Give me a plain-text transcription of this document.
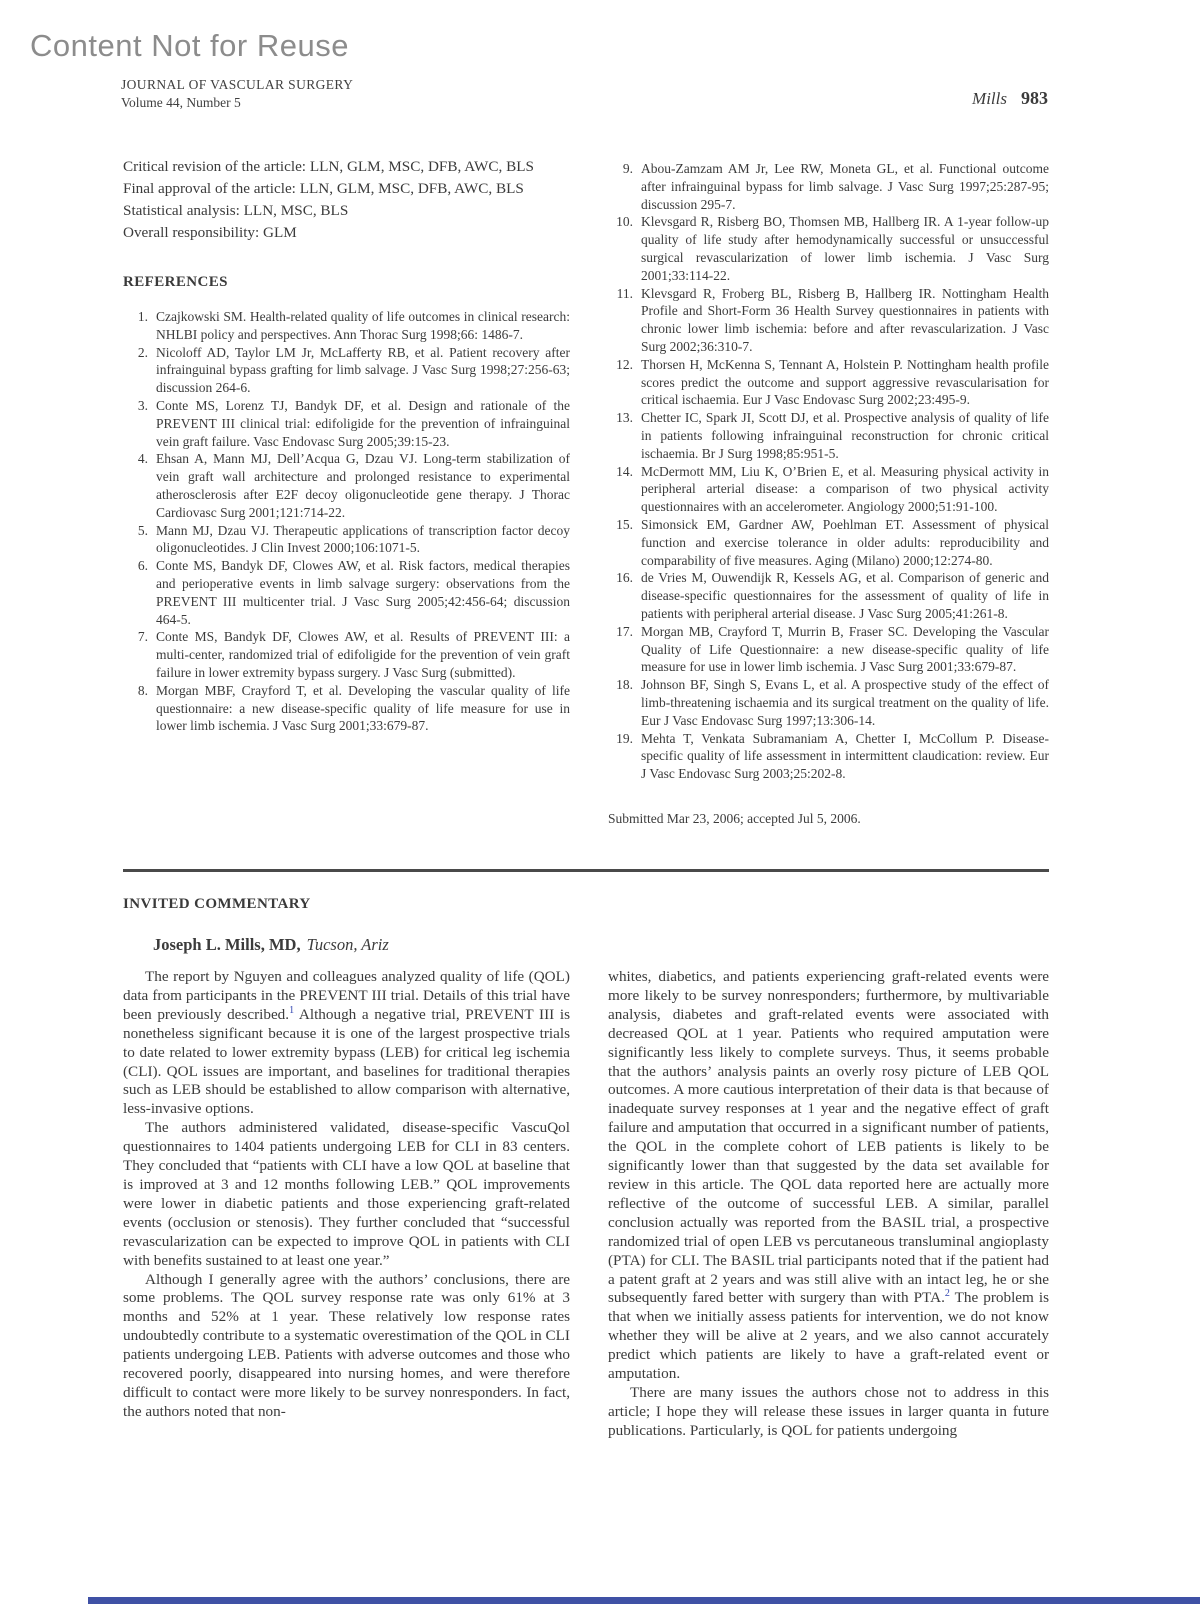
Content Not for Reuse
JOURNAL OF VASCULAR SURGERY
Volume 44, Number 5	Mills 983

Critical revision of the article: LLN, GLM, MSC, DFB, AWC, BLS

Final approval of the article: LLN, GLM, MSC, DFB, AWC, BLS

Statistical analysis: LLN, MSC, BLS

Overall responsibility: GLM

REFERENCES
1. Czajkowski SM. Health-related quality of life outcomes in clinical research: NHLBI policy and perspectives. Ann Thorac Surg 1998;66: 1486-7.
2. Nicoloff AD, Taylor LM Jr, McLafferty RB, et al. Patient recovery after infrainguinal bypass grafting for limb salvage. J Vasc Surg 1998;27:256-63; discussion 264-6.
3. Conte MS, Lorenz TJ, Bandyk DF, et al. Design and rationale of the PREVENT III clinical trial: edifoligide for the prevention of infrainguinal vein graft failure. Vasc Endovasc Surg 2005;39:15-23.
4. Ehsan A, Mann MJ, Dell’Acqua G, Dzau VJ. Long-term stabilization of vein graft wall architecture and prolonged resistance to experimental atherosclerosis after E2F decoy oligonucleotide gene therapy. J Thorac Cardiovasc Surg 2001;121:714-22.
5. Mann MJ, Dzau VJ. Therapeutic applications of transcription factor decoy oligonucleotides. J Clin Invest 2000;106:1071-5.
6. Conte MS, Bandyk DF, Clowes AW, et al. Risk factors, medical therapies and perioperative events in limb salvage surgery: observations from the PREVENT III multicenter trial. J Vasc Surg 2005;42:456-64; discussion 464-5.
7. Conte MS, Bandyk DF, Clowes AW, et al. Results of PREVENT III: a multi-center, randomized trial of edifoligide for the prevention of vein graft failure in lower extremity bypass surgery. J Vasc Surg (submitted).
8. Morgan MBF, Crayford T, et al. Developing the vascular quality of life questionnaire: a new disease-specific quality of life measure for use in lower limb ischemia. J Vasc Surg 2001;33:679-87.
9. Abou-Zamzam AM Jr, Lee RW, Moneta GL, et al. Functional outcome after infrainguinal bypass for limb salvage. J Vasc Surg 1997;25:287-95; discussion 295-7.
10. Klevsgard R, Risberg BO, Thomsen MB, Hallberg IR. A 1-year follow-up quality of life study after hemodynamically successful or unsuccessful surgical revascularization of lower limb ischemia. J Vasc Surg 2001;33:114-22.
11. Klevsgard R, Froberg BL, Risberg B, Hallberg IR. Nottingham Health Profile and Short-Form 36 Health Survey questionnaires in patients with chronic lower limb ischemia: before and after revascularization. J Vasc Surg 2002;36:310-7.
12. Thorsen H, McKenna S, Tennant A, Holstein P. Nottingham health profile scores predict the outcome and support aggressive revascularisation for critical ischaemia. Eur J Vasc Endovasc Surg 2002;23:495-9.
13. Chetter IC, Spark JI, Scott DJ, et al. Prospective analysis of quality of life in patients following infrainguinal reconstruction for chronic critical ischaemia. Br J Surg 1998;85:951-5.
14. McDermott MM, Liu K, O’Brien E, et al. Measuring physical activity in peripheral arterial disease: a comparison of two physical activity questionnaires with an accelerometer. Angiology 2000;51:91-100.
15. Simonsick EM, Gardner AW, Poehlman ET. Assessment of physical function and exercise tolerance in older adults: reproducibility and comparability of five measures. Aging (Milano) 2000;12:274-80.
16. de Vries M, Ouwendijk R, Kessels AG, et al. Comparison of generic and disease-specific questionnaires for the assessment of quality of life in patients with peripheral arterial disease. J Vasc Surg 2005;41:261-8.
17. Morgan MB, Crayford T, Murrin B, Fraser SC. Developing the Vascular Quality of Life Questionnaire: a new disease-specific quality of life measure for use in lower limb ischemia. J Vasc Surg 2001;33:679-87.
18. Johnson BF, Singh S, Evans L, et al. A prospective study of the effect of limb-threatening ischaemia and its surgical treatment on the quality of life. Eur J Vasc Endovasc Surg 1997;13:306-14.
19. Mehta T, Venkata Subramaniam A, Chetter I, McCollum P. Disease-specific quality of life assessment in intermittent claudication: review. Eur J Vasc Endovasc Surg 2003;25:202-8.

Submitted Mar 23, 2006; accepted Jul 5, 2006.

INVITED COMMENTARY

Joseph L. Mills, MD, Tucson, Ariz

The report by Nguyen and colleagues analyzed quality of life (QOL) data from participants in the PREVENT III trial. Details of this trial have been previously described.$^1$ Although a negative trial, PREVENT III is nonetheless significant because it is one of the largest prospective trials to date related to lower extremity bypass (LEB) for critical leg ischemia (CLI). QOL issues are important, and baselines for traditional therapies such as LEB should be established to allow comparison with alternative, less-invasive options.

The authors administered validated, disease-specific VascuQol questionnaires to 1404 patients undergoing LEB for CLI in 83 centers. They concluded that “patients with CLI have a low QOL at baseline that is improved at 3 and 12 months following LEB.” QOL improvements were lower in diabetic patients and those experiencing graft-related events (occlusion or stenosis). They further concluded that “successful revascularization can be expected to improve QOL in patients with CLI with benefits sustained to at least one year.”

Although I generally agree with the authors’ conclusions, there are some problems. The QOL survey response rate was only 61% at 3 months and 52% at 1 year. These relatively low response rates undoubtedly contribute to a systematic overestimation of the QOL in CLI patients undergoing LEB. Patients with adverse outcomes and those who recovered poorly, disappeared into nursing homes, and were therefore difficult to contact were more likely to be survey nonresponders. In fact, the authors noted that non-

whites, diabetics, and patients experiencing graft-related events were more likely to be survey nonresponders; furthermore, by multivariable analysis, diabetes and graft-related events were associated with decreased QOL at 1 year. Patients who required amputation were significantly less likely to complete surveys. Thus, it seems probable that the authors’ analysis paints an overly rosy picture of LEB QOL outcomes. A more cautious interpretation of their data is that because of inadequate survey responses at 1 year and the negative effect of graft failure and amputation that occurred in a significant number of patients, the QOL in the complete cohort of LEB patients is likely to be significantly lower than that suggested by the data set available for review in this article. The QOL data reported here are actually more reflective of the outcome of successful LEB. A similar, parallel conclusion actually was reported from the BASIL trial, a prospective randomized trial of open LEB vs percutaneous transluminal angioplasty (PTA) for CLI. The BASIL trial participants noted that if the patient had a patent graft at 2 years and was still alive with an intact leg, he or she subsequently fared better with surgery than with PTA.$^2$ The problem is that when we initially assess patients for intervention, we do not know whether they will be alive at 2 years, and we also cannot accurately predict which patients are likely to have a graft-related event or amputation.

There are many issues the authors chose not to address in this article; I hope they will release these issues in larger quanta in future publications. Particularly, is QOL for patients undergoing
